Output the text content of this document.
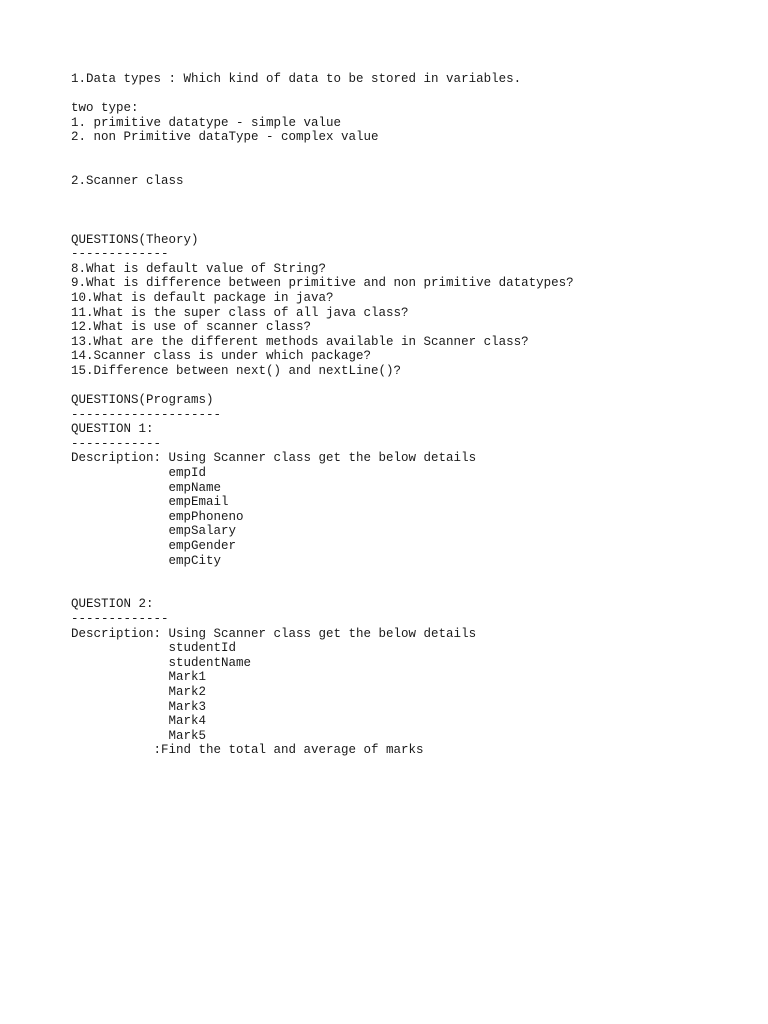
1.Data types : Which kind of data to be stored in variables.
two type:
1. primitive datatype - simple value
2. non Primitive dataType - complex value
2.Scanner class
QUESTIONS(Theory)
-------------
8.What is default value of String?
9.What is difference between primitive and non primitive datatypes?
10.What is default package in java?
11.What is the super class of all java class?
12.What is use of scanner class?
13.What are the different methods available in Scanner class?
14.Scanner class is under which package?
15.Difference between next() and nextLine()?
QUESTIONS(Programs)
--------------------
QUESTION 1:
------------
Description: Using Scanner class get the below details
empId
empName
empEmail
empPhoneno
empSalary
empGender
empCity
QUESTION 2:
-------------
Description: Using Scanner class get the below details
studentId
studentName
Mark1
Mark2
Mark3
Mark4
Mark5
:Find the total and average of marks
